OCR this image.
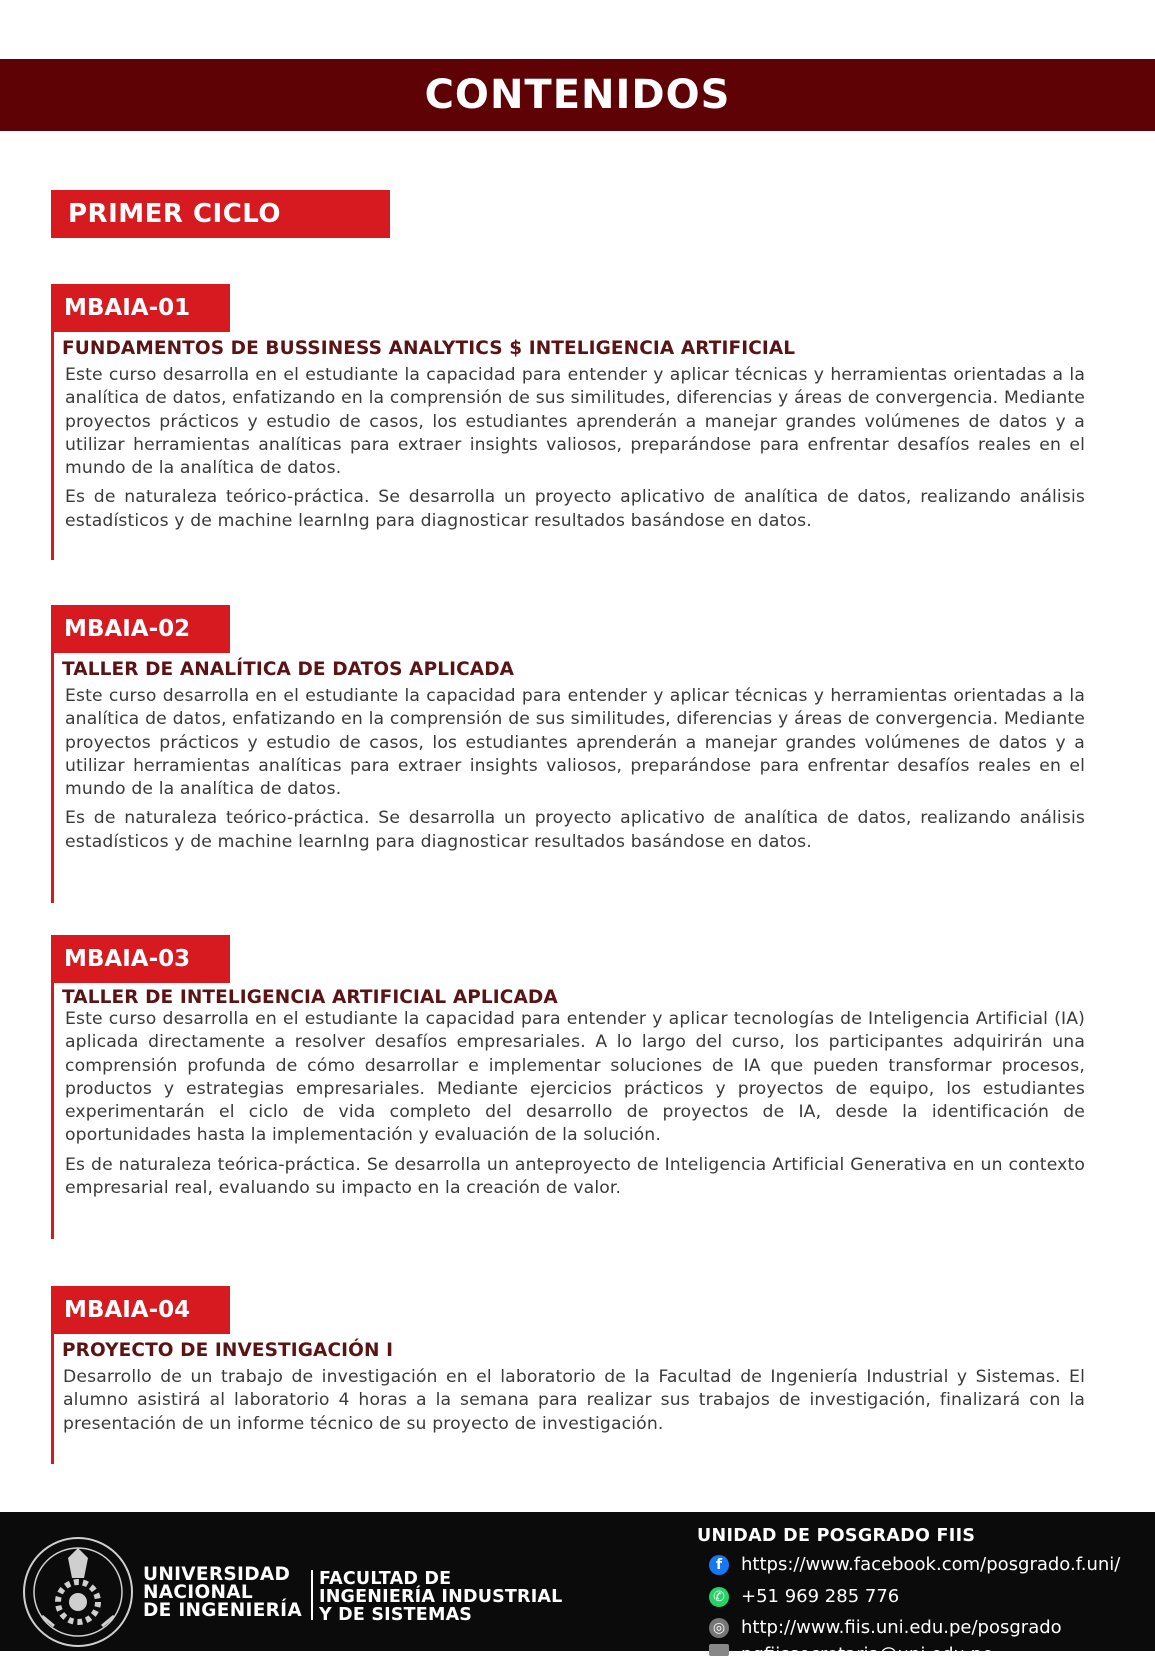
CONTENIDOS
PRIMER CICLO
MBAIA-01
FUNDAMENTOS DE BUSSINESS ANALYTICS $ INTELIGENCIA ARTIFICIAL

Este curso desarrolla en el estudiante la capacidad para entender y aplicar técnicas y herramientas orientadas a la analítica de datos, enfatizando en la comprensión de sus similitudes, diferencias y áreas de convergencia. Mediante proyectos prácticos y estudio de casos, los estudiantes aprenderán a manejar grandes volúmenes de datos y a utilizar herramientas analíticas para extraer insights valiosos, preparándose para enfrentar desafíos reales en el mundo de la analítica de datos.

Es de naturaleza teórico-práctica. Se desarrolla un proyecto aplicativo de analítica de datos, realizando análisis estadísticos y de machine learnIng para diagnosticar resultados basándose en datos.

MBAIA-02
TALLER DE ANALÍTICA DE DATOS APLICADA

Este curso desarrolla en el estudiante la capacidad para entender y aplicar técnicas y herramientas orientadas a la analítica de datos, enfatizando en la comprensión de sus similitudes, diferencias y áreas de convergencia. Mediante proyectos prácticos y estudio de casos, los estudiantes aprenderán a manejar grandes volúmenes de datos y a utilizar herramientas analíticas para extraer insights valiosos, preparándose para enfrentar desafíos reales en el mundo de la analítica de datos.

Es de naturaleza teórico-práctica. Se desarrolla un proyecto aplicativo de analítica de datos, realizando análisis estadísticos y de machine learnIng para diagnosticar resultados basándose en datos.

MBAIA-03
TALLER DE INTELIGENCIA ARTIFICIAL APLICADA

Este curso desarrolla en el estudiante la capacidad para entender y aplicar tecnologías de Inteligencia Artificial (IA) aplicada directamente a resolver desafíos empresariales. A lo largo del curso, los participantes adquirirán una comprensión profunda de cómo desarrollar e implementar soluciones de IA que pueden transformar procesos, productos y estrategias empresariales. Mediante ejercicios prácticos y proyectos de equipo, los estudiantes experimentarán el ciclo de vida completo del desarrollo de proyectos de IA, desde la identificación de oportunidades hasta la implementación y evaluación de la solución.

Es de naturaleza teórica-práctica. Se desarrolla un anteproyecto de Inteligencia Artificial Generativa en un contexto empresarial real, evaluando su impacto en la creación de valor.

MBAIA-04
PROYECTO DE INVESTIGACIÓN I

Desarrollo de un trabajo de investigación en el laboratorio de la Facultad de Ingeniería Industrial y Sistemas. El alumno asistirá al laboratorio 4 horas a la semana para realizar sus trabajos de investigación, finalizará con la presentación de un informe técnico de su proyecto de investigación.

UNIVERSIDAD
NACIONAL
DE INGENIERÍA
FACULTAD DE
INGENIERÍA INDUSTRIAL
Y DE SISTEMAS
UNIDAD DE POSGRADO FIIS
f	https://www.facebook.com/posgrado.f.uni/
✆ +51 969 285 776
◎ http://www.fiis.uni.edu.pe/posgrado
pgfiissecretaria@uni.edu.pe
